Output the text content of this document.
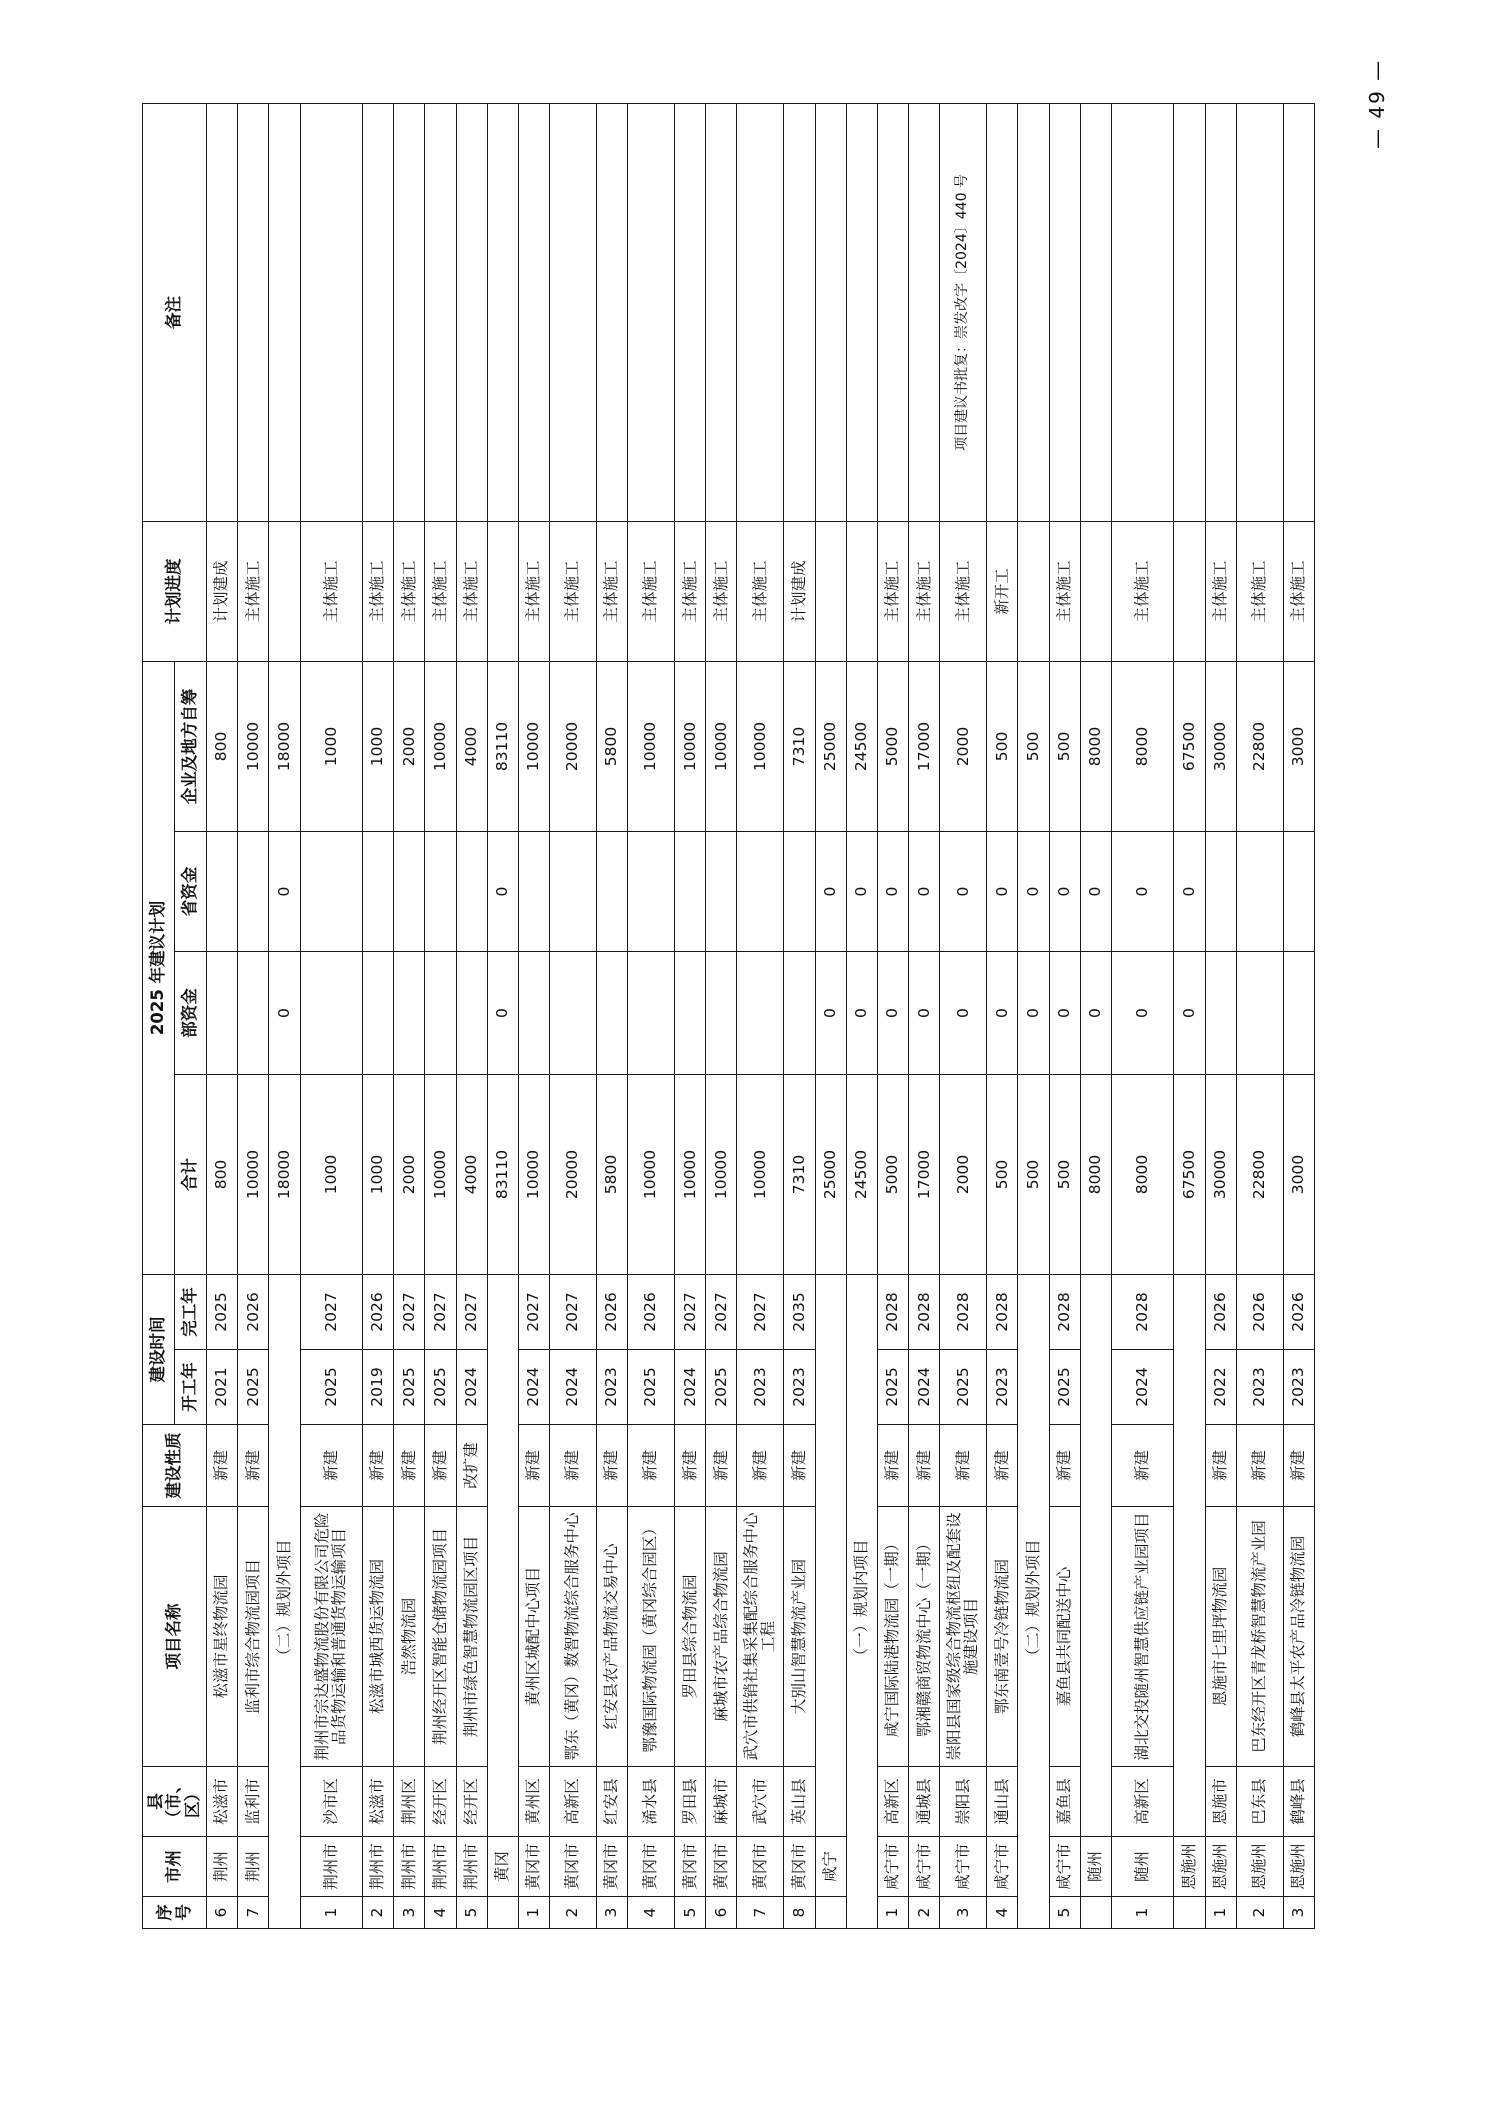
序号	市州	县（市、区）	项目名称	建设性质	建设时间		2025 年建议计划				计划进度	备注
					开工年	完工年	合计	部资金	省资金	企业及地方自筹		
6	荆州	松滋市	松滋市星终物流园	新建	2021	2025	800			800	计划建成	
7	荆州	监利市	监利市综合物流园项目	新建	2025	2026	10000			10000	主体施工	
（二）规划外项目							18000	0	0	18000		
1	荆州市	沙市区	荆州市宗达盛物流股份有限公司危险品货物运输和普通货物运输项目	新建	2025	2027	1000			1000	主体施工	
2	荆州市	松滋市	松滋市城西货运物流园	新建	2019	2026	1000			1000	主体施工	
3	荆州市	荆州区	浩然物流园	新建	2025	2027	2000			2000	主体施工	
4	荆州市	经开区	荆州经开区智能仓储物流园项目	新建	2025	2027	10000			10000	主体施工	
5	荆州市	经开区	荆州市绿色智慧物流园区项目	改扩建	2024	2027	4000			4000	主体施工	
	黄冈						83110	0	0	83110		
1	黄冈市	黄州区	黄州区城配中心项目	新建	2024	2027	10000			10000	主体施工	
2	黄冈市	高新区	鄂东（黄冈）数智物流综合服务中心	新建	2024	2027	20000			20000	主体施工	
3	黄冈市	红安县	红安县农产品物流交易中心	新建	2023	2026	5800			5800	主体施工	
4	黄冈市	浠水县	鄂豫国际物流园（黄冈综合园区）	新建	2025	2026	10000			10000	主体施工	
5	黄冈市	罗田县	罗田县综合物流园	新建	2024	2027	10000			10000	主体施工	
6	黄冈市	麻城市	麻城市农产品综合物流园	新建	2025	2027	10000			10000	主体施工	
7	黄冈市	武穴市	武穴市供销社集采集配综合服务中心工程	新建	2023	2027	10000			10000	主体施工	
8	黄冈市	英山县	大别山智慧物流产业园	新建	2023	2035	7310			7310	计划建成	
	咸宁						25000	0	0	25000		
（一）规划内项目							24500	0	0	24500		
1	咸宁市	高新区	咸宁国际陆港物流园（一期）	新建	2025	2028	5000	0	0	5000	主体施工	
2	咸宁市	通城县	鄂湘赣商贸物流中心（一期）	新建	2024	2028	17000	0	0	17000	主体施工	
3	咸宁市	崇阳县	崇阳县国家级综合物流枢纽及配套设施建设项目	新建	2025	2028	2000	0	0	2000	主体施工	项目建议书批复：崇发改字〔2024〕440 号
4	咸宁市	通山县	鄂东南壹号冷链物流园	新建	2023	2028	500	0	0	500	新开工	
（二）规划外项目							500	0	0	500		
5	咸宁市	嘉鱼县	嘉鱼县共同配送中心	新建	2025	2028	500	0	0	500	主体施工	
	随州						8000	0	0	8000		
1	随州	高新区	湖北交投随州智慧供应链产业园项目	新建	2024	2028	8000	0	0	8000	主体施工	
	恩施州						67500	0	0	67500		
1	恩施州	恩施市	恩施市七里坪物流园	新建	2022	2026	30000			30000	主体施工	
2	恩施州	巴东县	巴东经开区青龙桥智慧物流产业园	新建	2023	2026	22800			22800	主体施工	
3	恩施州	鹤峰县	鹤峰县太平农产品冷链物流园	新建	2023	2026	3000			3000	主体施工	
— 49 —
